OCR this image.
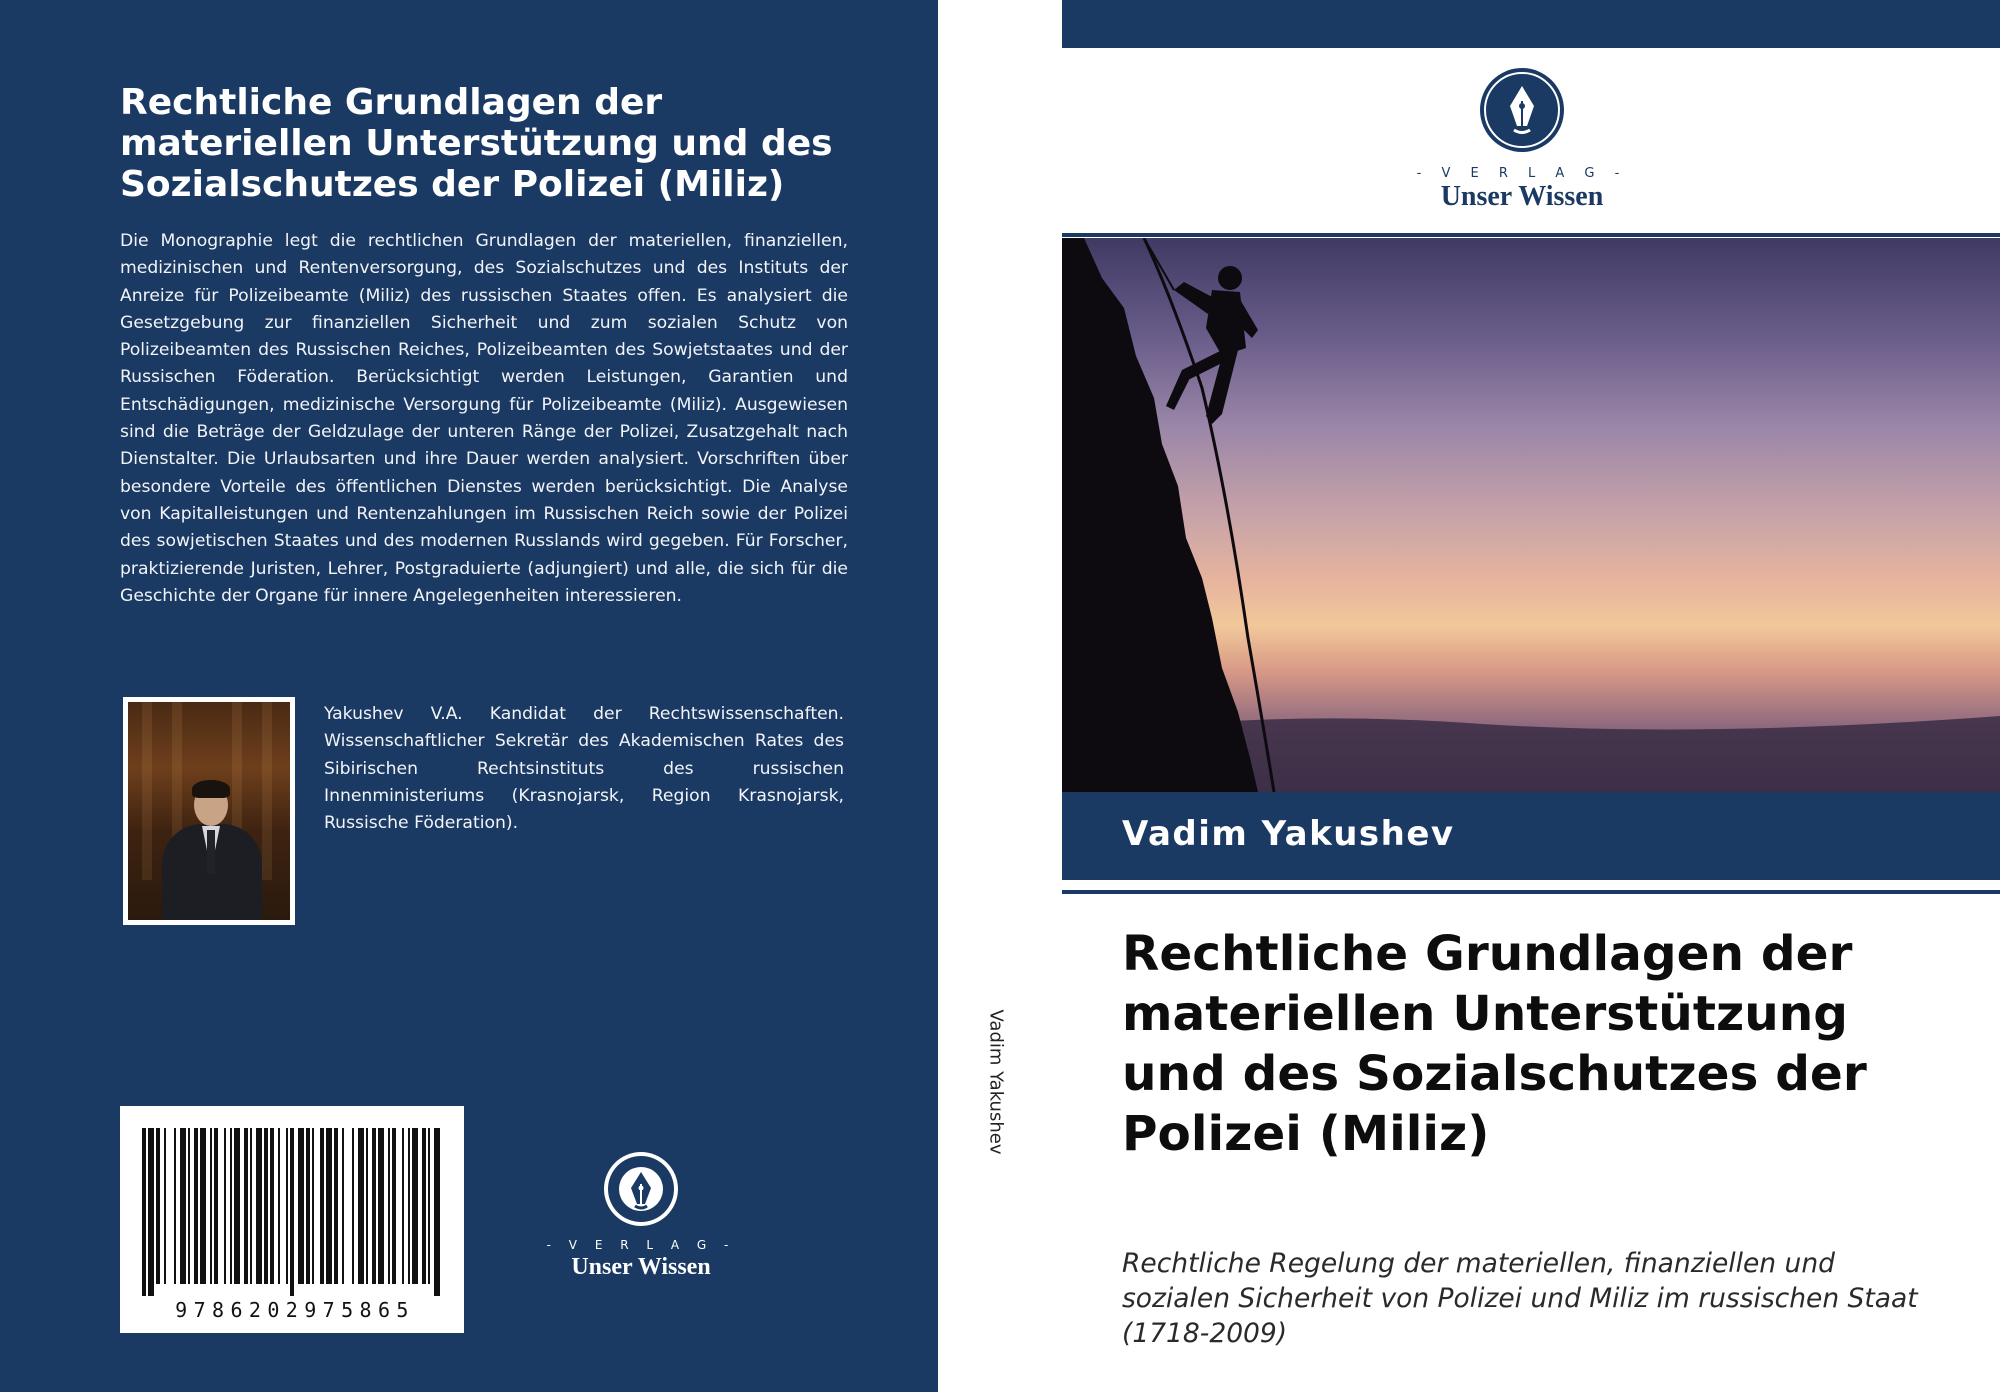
Rechtliche Grundlagen der
materiellen Unterstützung und des
Sozialschutzes der Polizei (Miliz)

Die Monographie legt die rechtlichen Grundlagen der materiellen, finanziellen, medizinischen und Rentenversorgung, des Sozialschutzes und des Instituts der Anreize für Polizeibeamte (Miliz) des russischen Staates offen. Es analysiert die Gesetzgebung zur finanziellen Sicherheit und zum sozialen Schutz von Polizeibeamten des Russischen Reiches, Polizeibeamten des Sowjetstaates und der Russischen Föderation. Berücksichtigt werden Leistungen, Garantien und Entschädigungen, medizinische Versorgung für Polizeibeamte (Miliz). Ausgewiesen sind die Beträge der Geldzulage der unteren Ränge der Polizei, Zusatzgehalt nach Dienstalter. Die Urlaubsarten und ihre Dauer werden analysiert. Vorschriften über besondere Vorteile des öffentlichen Dienstes werden berücksichtigt. Die Analyse von Kapitalleistungen und Rentenzahlungen im Russischen Reich sowie der Polizei des sowjetischen Staates und des modernen Russlands wird gegeben. Für Forscher, praktizierende Juristen, Lehrer, Postgraduierte (adjungiert) und alle, die sich für die Geschichte der Organe für innere Angelegenheiten interessieren.

Yakushev V.A. Kandidat der Rechtswissenschaften. Wissenschaftlicher Sekretär des Akademischen Rates des Sibirischen Rechtsinstituts des russischen Innenministeriums (Krasnojarsk, Region Krasnojarsk, Russische Föderation).

9786202975865
- V E R L A G -
Unser Wissen
Vadim Yakushev
- V E R L A G -
Unser Wissen
Vadim Yakushev
Rechtliche Grundlagen der materiellen Unterstützung und des Sozialschutzes der Polizei (Miliz)

Rechtliche Regelung der materiellen, finanziellen und sozialen Sicherheit von Polizei und Miliz im russischen Staat (1718-2009)
